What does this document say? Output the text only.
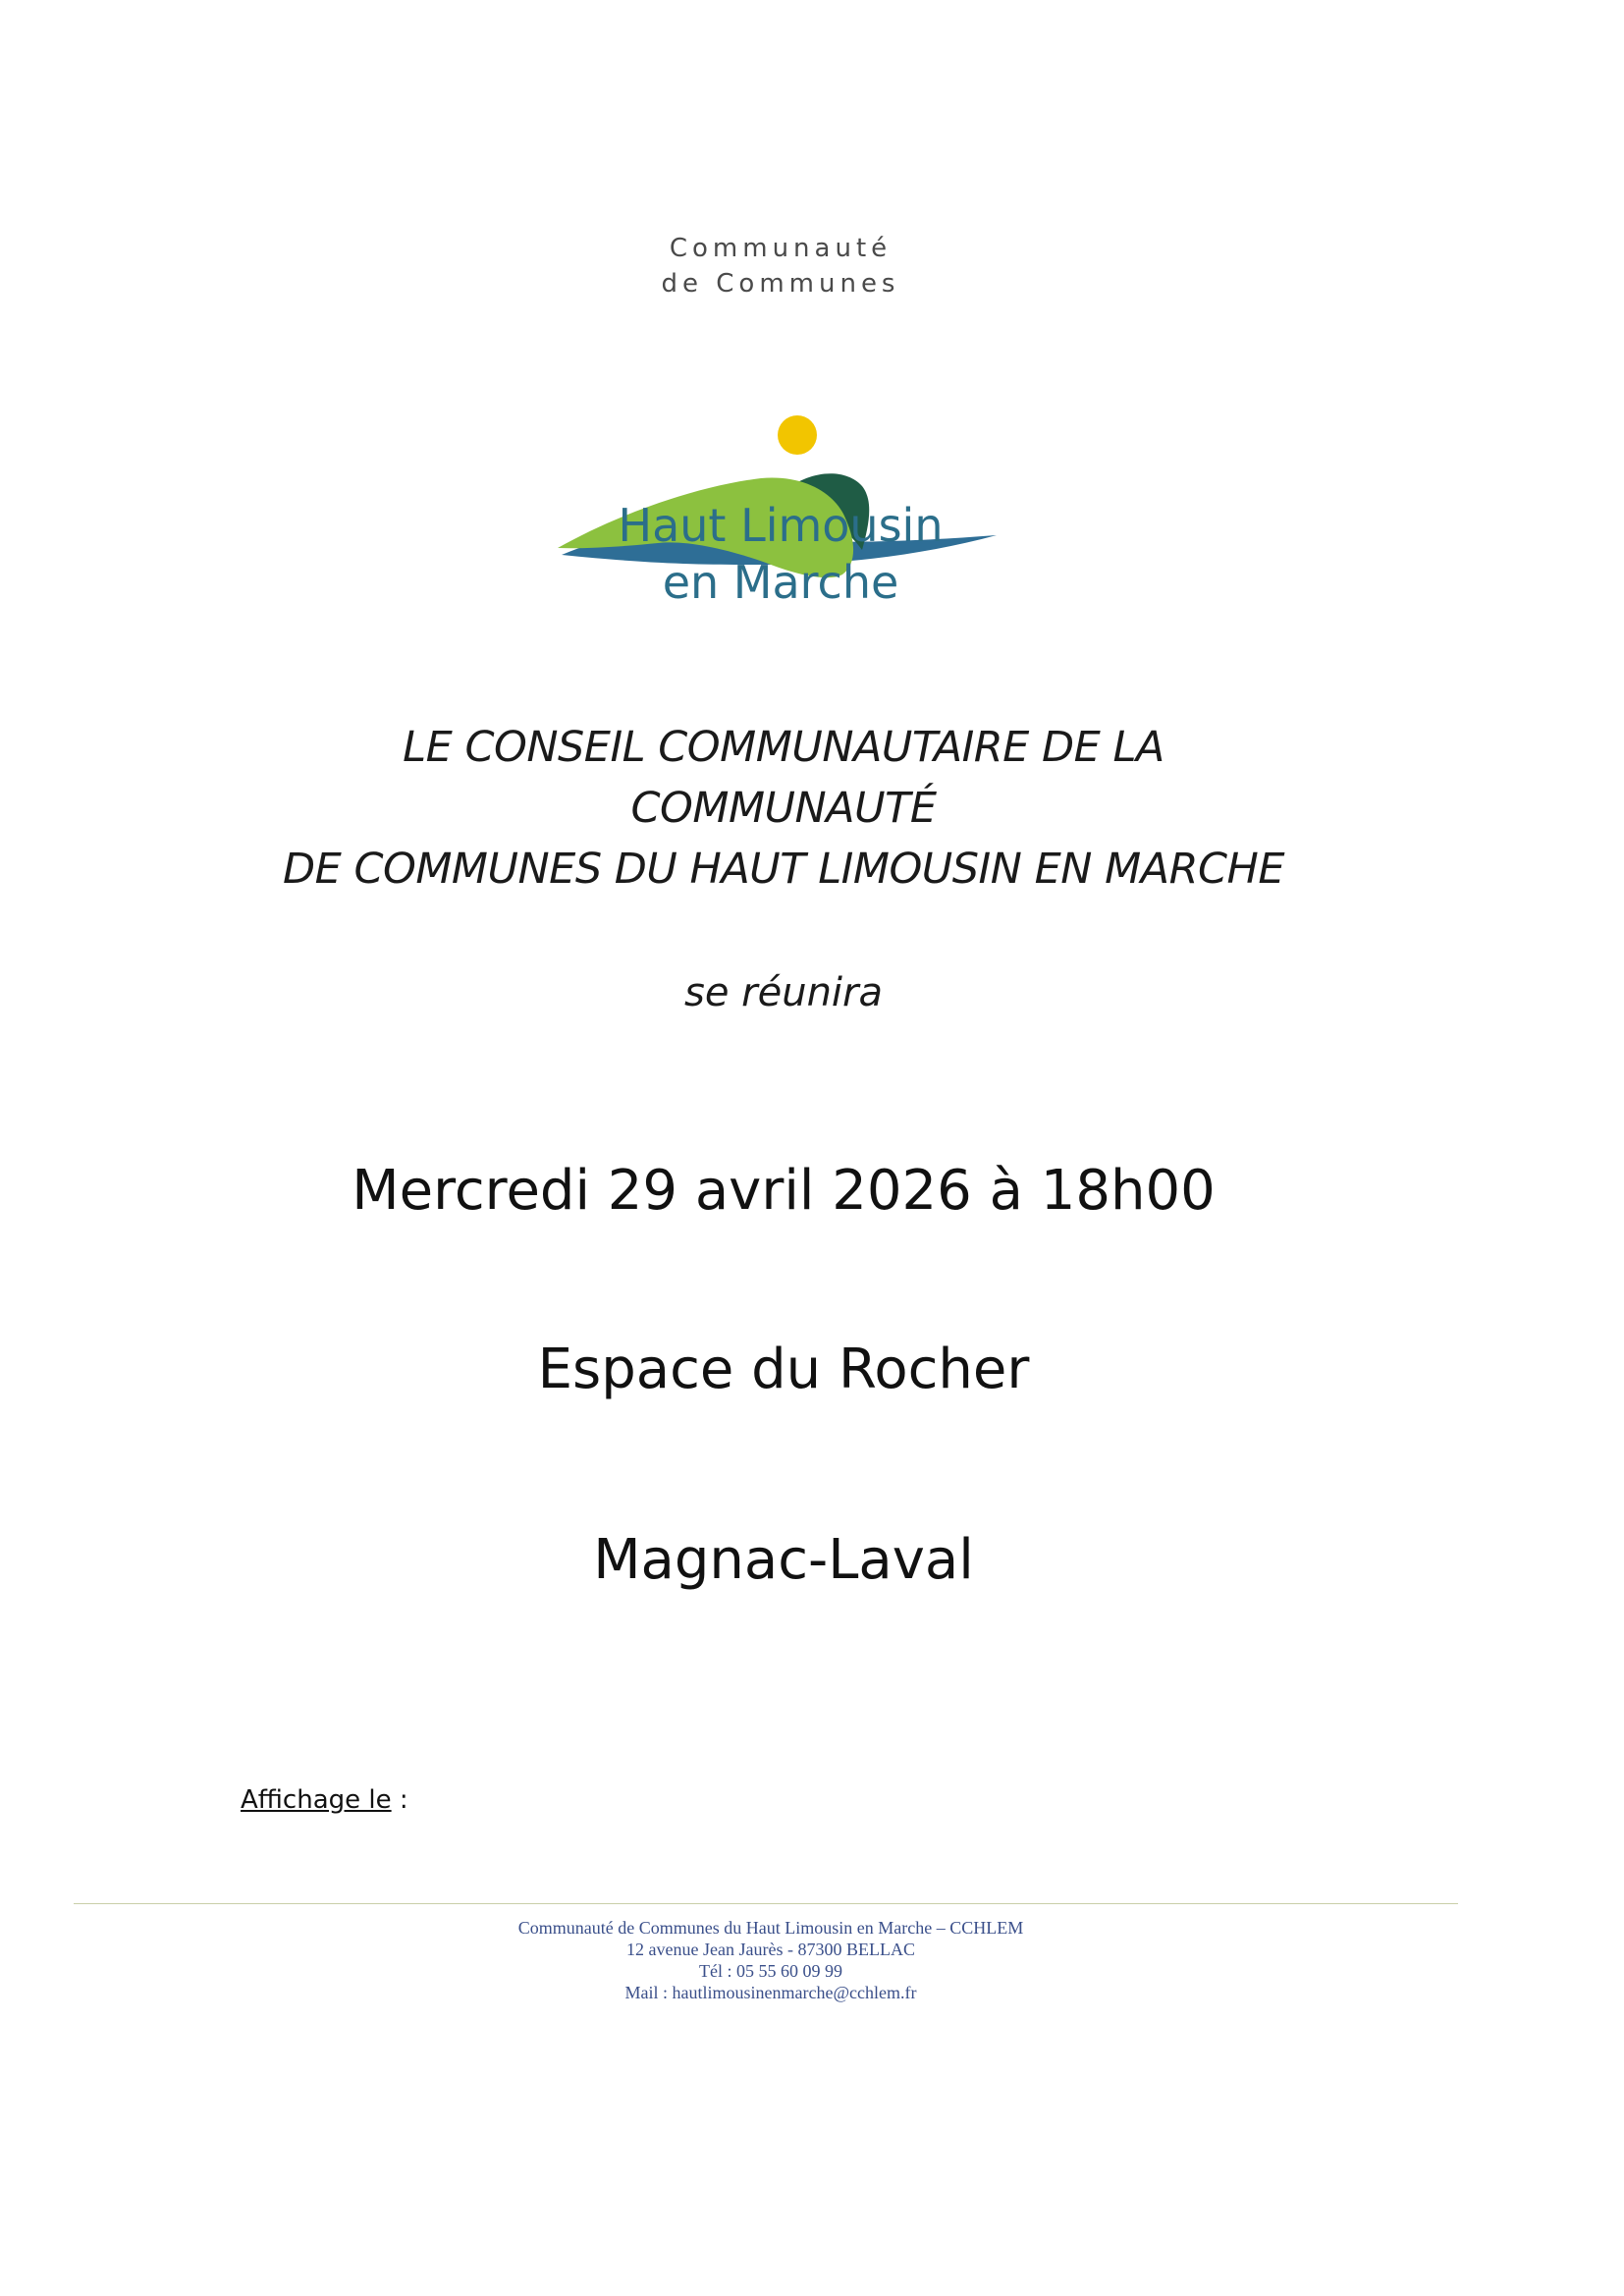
Communauté
de Communes
Haut Limousin
en Marche
LE CONSEIL COMMUNAUTAIRE DE LA
COMMUNAUTÉ
DE COMMUNES DU HAUT LIMOUSIN EN MARCHE
se réunira
Mercredi 29 avril 2026 à 18h00
Espace du Rocher
Magnac-Laval
Affichage le :
Communauté de Communes du Haut Limousin en Marche – CCHLEM
12 avenue Jean Jaurès - 87300 BELLAC
Tél : 05 55 60 09 99
Mail : hautlimousinenmarche@cchlem.fr
